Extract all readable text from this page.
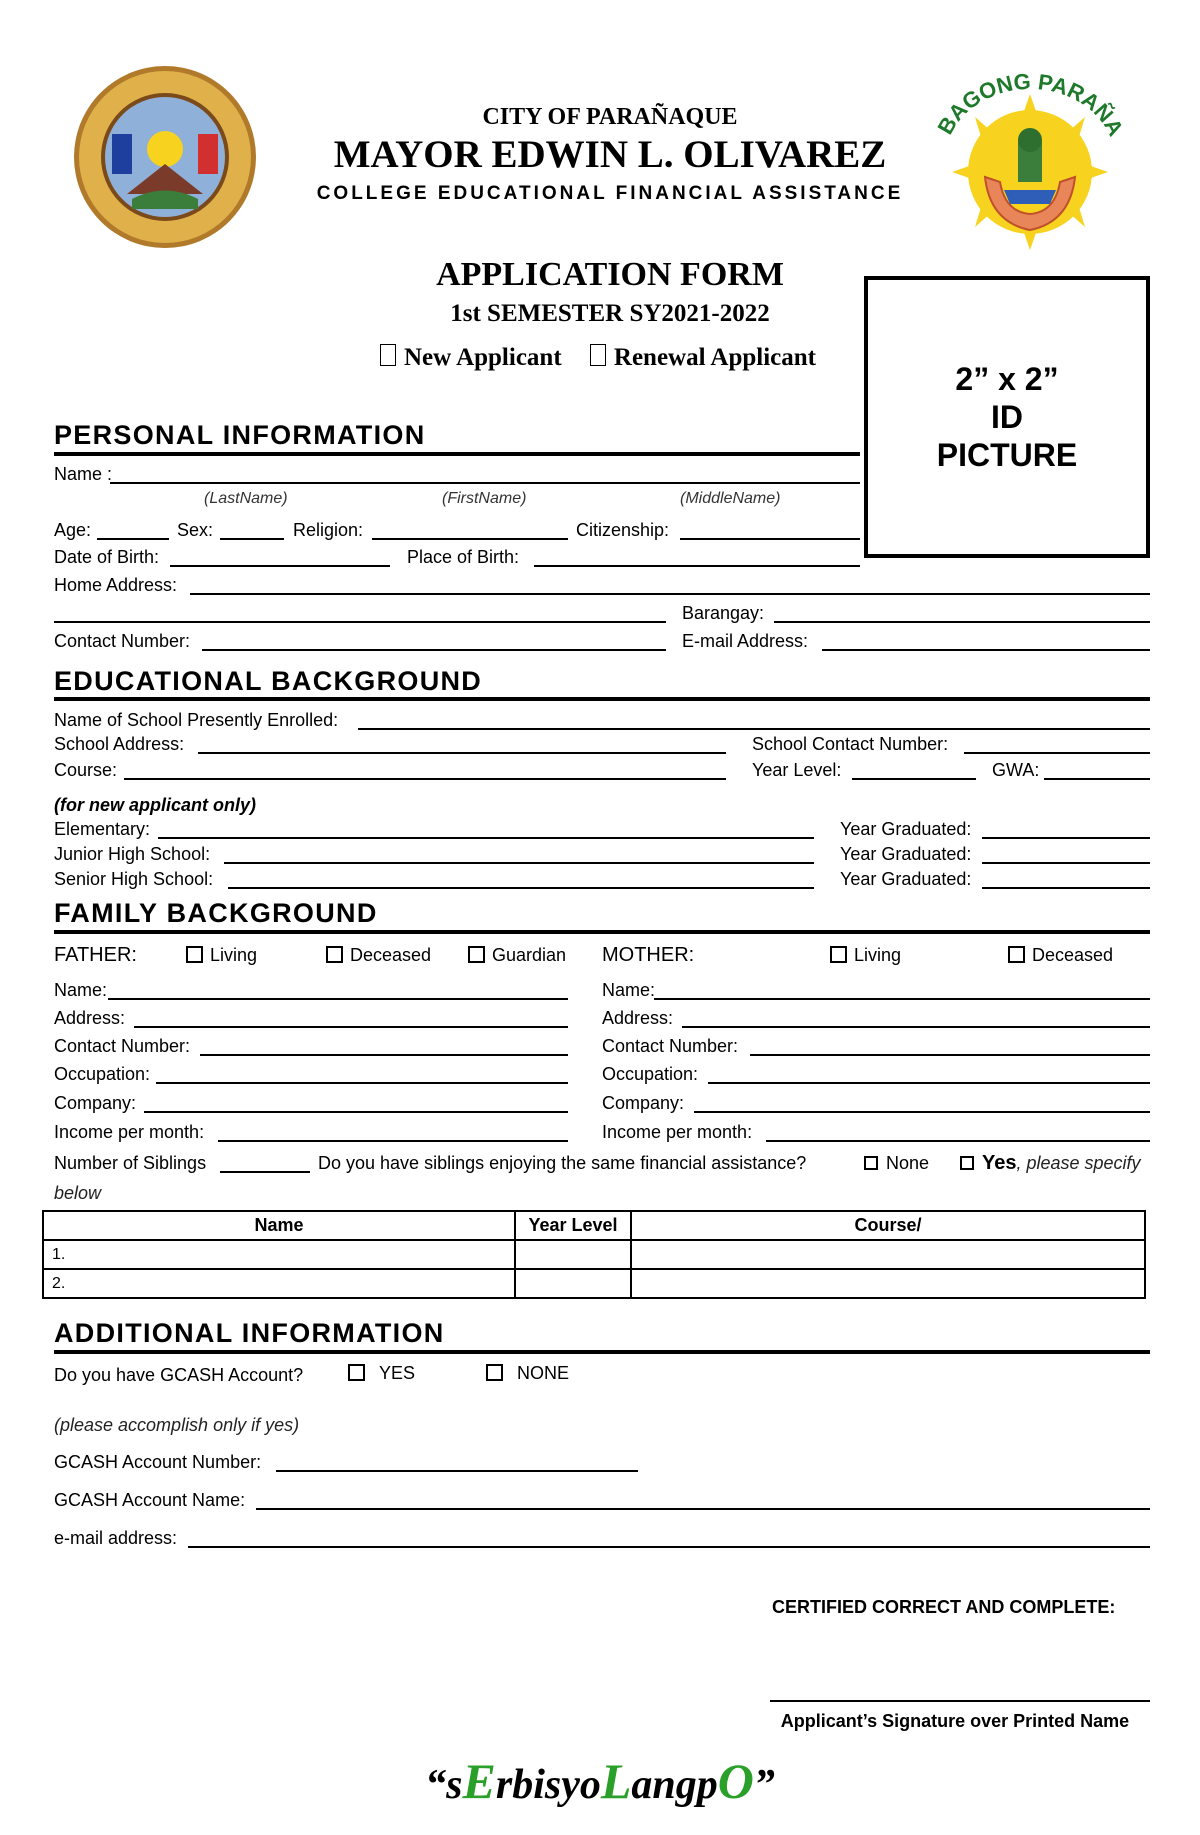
CITY OF PARAÑAQUE
MAYOR EDWIN L. OLIVAREZ
COLLEGE EDUCATIONAL FINANCIAL ASSISTANCE
BAGONG PARAÑA
APPLICATION FORM
1st SEMESTER SY2021-2022
New Applicant Renewal Applicant
2” x 2”
ID
PICTURE
PERSONAL INFORMATION
Name :
(LastName)	(FirstName)	(MiddleName)
Age:	Sex:	Religion:	Citizenship:
Date of Birth:	Place of Birth:
Home Address:
Barangay:
Contact Number:	E-mail Address:
EDUCATIONAL BACKGROUND
Name of School Presently Enrolled:
School Address:	School Contact Number:
Course:	Year Level:	GWA:
(for new applicant only)
Elementary:	Year Graduated:
Junior High School:	Year Graduated:
Senior High School:	Year Graduated:
FAMILY BACKGROUND
FATHER:	Living	Deceased	Guardian MOTHER:	Living	Deceased
Name:
Address:
Contact Number:
Occupation:
Company:
Income per month:
Name:
Address:
Contact Number:
Occupation:
Company:
Income per month:
Number of Siblings	Do you have siblings enjoying the same financial assistance?	None	Yes, please specify
below
Name	Year Level	Course/
1.		
2.		
ADDITIONAL INFORMATION
Do you have GCASH Account?	YES	NONE
(please accomplish only if yes)
GCASH Account Number:
GCASH Account Name:
e-mail address:
CERTIFIED CORRECT AND COMPLETE:
Applicant’s Signature over Printed Name
“sErbisyoLangpO”
